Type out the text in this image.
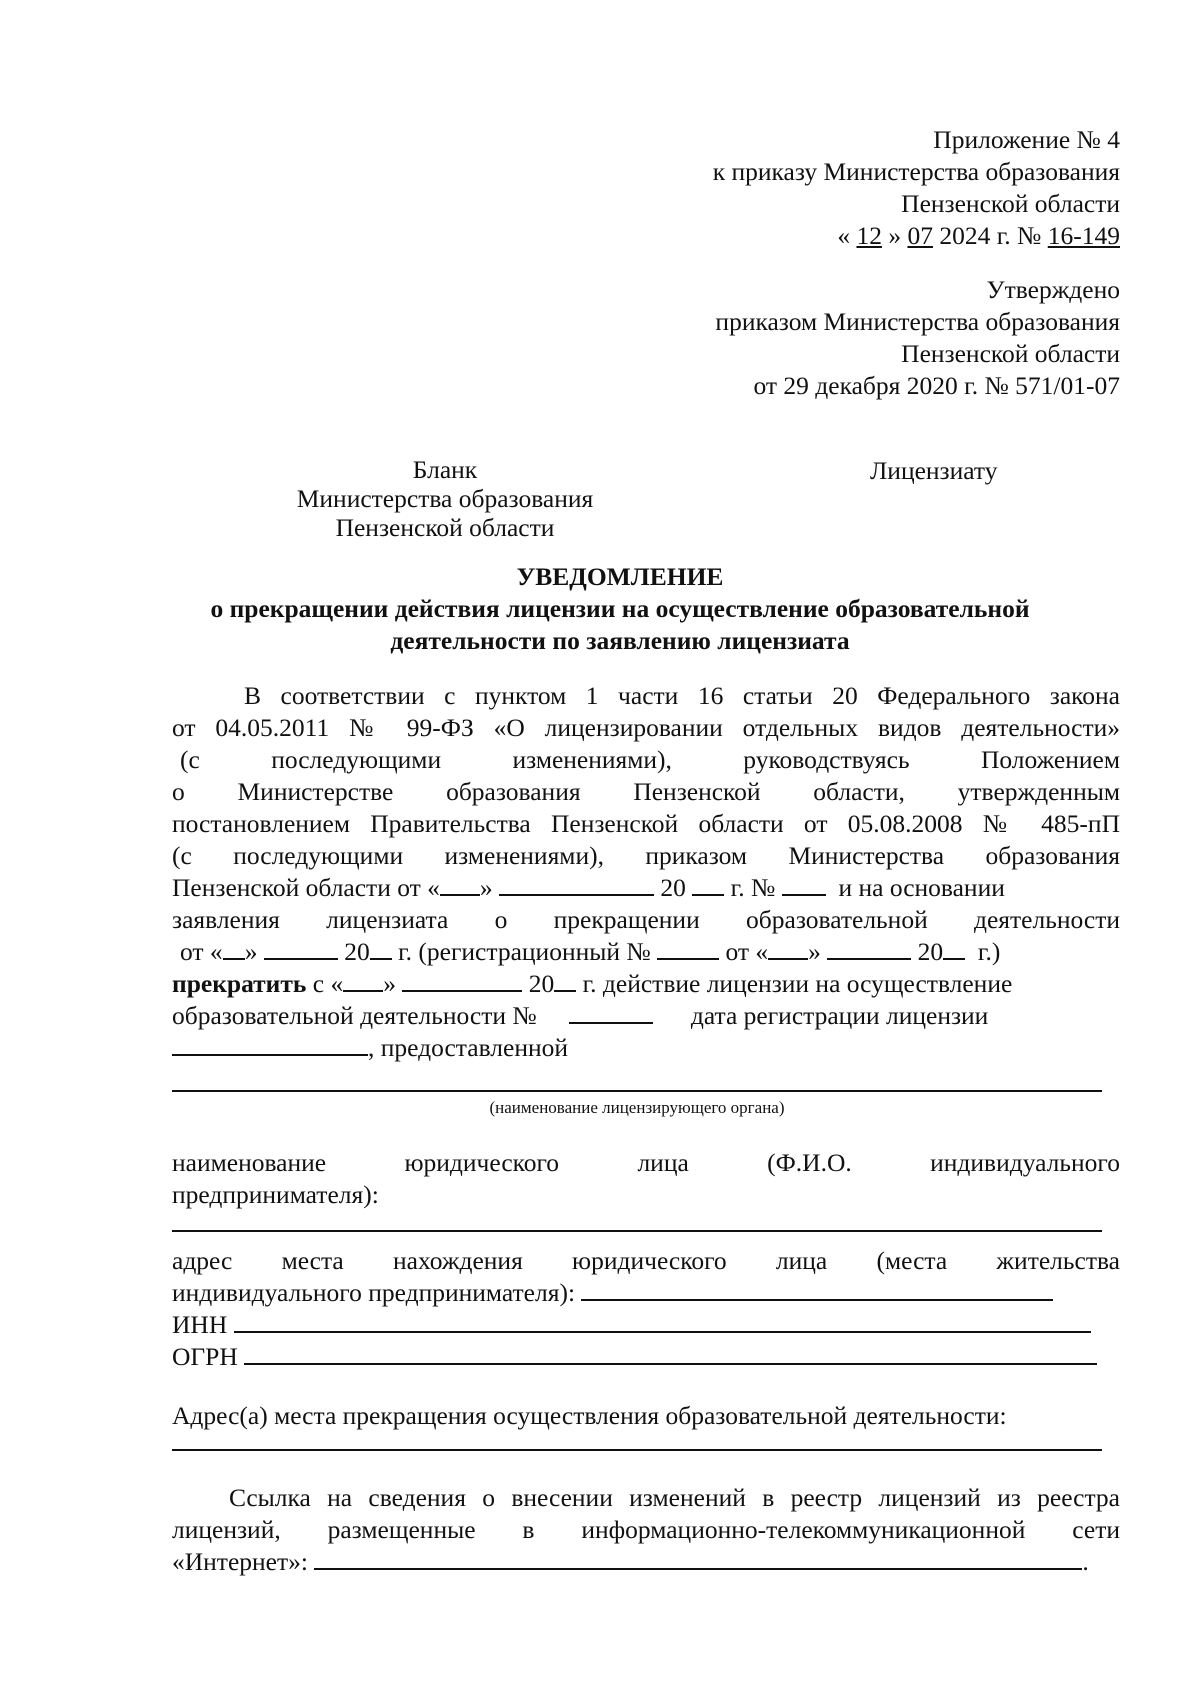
Приложение № 4
к приказу Министерства образования
Пензенской области
« 12 » 07 2024 г. № 16-149
Утверждено
приказом Министерства образования
Пензенской области
от 29 декабря 2020 г. № 571/01-07
Бланк
Министерства образования
Пензенской области
Лицензиату
УВЕДОМЛЕНИЕ
о прекращении действия лицензии на осуществление образовательной
деятельности по заявлению лицензиата
В соответствии с пунктом 1 части 16 статьи 20 Федерального закона
от 04.05.2011 № 99-ФЗ «О лицензировании отдельных видов деятельности»
(с последующими изменениями), руководствуясь Положением
о Министерстве образования Пензенской области, утвержденным
постановлением Правительства Пензенской области от 05.08.2008 № 485-пП
(с последующими изменениями), приказом Министерства образования
Пензенской области от « »	20 г. № и на основании
заявления лицензиата о прекращении образовательной деятельности
от « »	20 г. (регистрационный №	от « »	20 г.)
прекратить с « »	20 г. действие лицензии на осуществление
образовательной деятельности №	дата регистрации лицензии
, предоставленной
(наименование лицензирующего органа)
наименование юридического лица (Ф.И.О. индивидуального
предпринимателя):
адрес места нахождения юридического лица (места жительства
индивидуального предпринимателя):
ИНН
ОГРН
Адрес(а) места прекращения осуществления образовательной деятельности:
Ссылка на сведения о внесении изменений в реестр лицензий из реестра
лицензий, размещенные в информационно-телекоммуникационной сети
«Интернет»:	.
